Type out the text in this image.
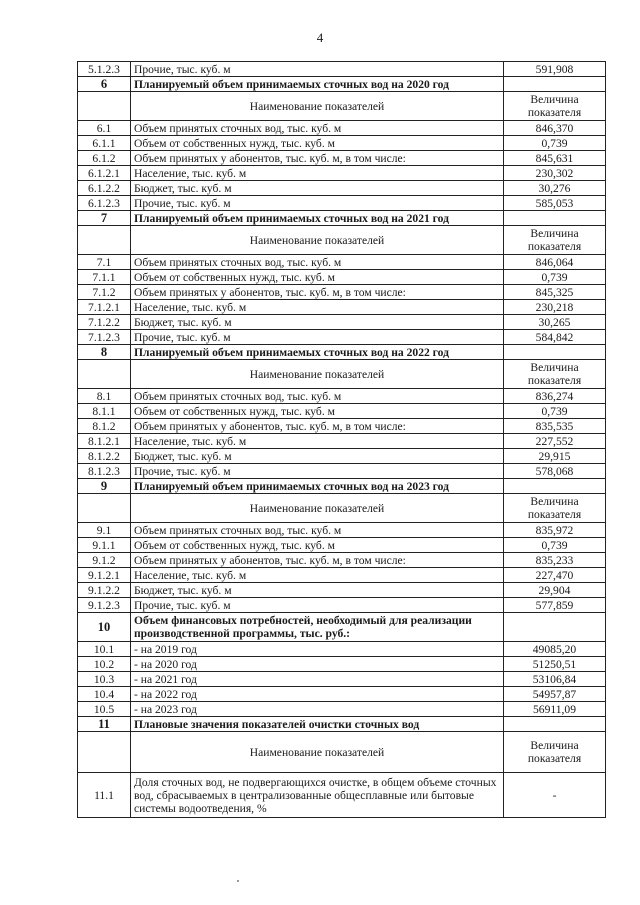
4
5.1.2.3	Прочие, тыс. куб. м	591,908
6	Планируемый объем принимаемых сточных вод на 2020 год	
	Наименование показателей	Величина показателя
6.1	Объем принятых сточных вод, тыс. куб. м	846,370
6.1.1	Объем от собственных нужд, тыс. куб. м	0,739
6.1.2	Объем принятых у абонентов, тыс. куб. м, в том числе:	845,631
6.1.2.1	Население, тыс. куб. м	230,302
6.1.2.2	Бюджет, тыс. куб. м	30,276
6.1.2.3	Прочие, тыс. куб. м	585,053
7	Планируемый объем принимаемых сточных вод на 2021 год	
	Наименование показателей	Величина показателя
7.1	Объем принятых сточных вод, тыс. куб. м	846,064
7.1.1	Объем от собственных нужд, тыс. куб. м	0,739
7.1.2	Объем принятых у абонентов, тыс. куб. м, в том числе:	845,325
7.1.2.1	Население, тыс. куб. м	230,218
7.1.2.2	Бюджет, тыс. куб. м	30,265
7.1.2.3	Прочие, тыс. куб. м	584,842
8	Планируемый объем принимаемых сточных вод на 2022 год	
	Наименование показателей	Величина показателя
8.1	Объем принятых сточных вод, тыс. куб. м	836,274
8.1.1	Объем от собственных нужд, тыс. куб. м	0,739
8.1.2	Объем принятых у абонентов, тыс. куб. м, в том числе:	835,535
8.1.2.1	Население, тыс. куб. м	227,552
8.1.2.2	Бюджет, тыс. куб. м	29,915
8.1.2.3	Прочие, тыс. куб. м	578,068
9	Планируемый объем принимаемых сточных вод на 2023 год	
	Наименование показателей	Величина показателя
9.1	Объем принятых сточных вод, тыс. куб. м	835,972
9.1.1	Объем от собственных нужд, тыс. куб. м	0,739
9.1.2	Объем принятых у абонентов, тыс. куб. м, в том числе:	835,233
9.1.2.1	Население, тыс. куб. м	227,470
9.1.2.2	Бюджет, тыс. куб. м	29,904
9.1.2.3	Прочие, тыс. куб. м	577,859
10	Объем финансовых потребностей, необходимый для реализации производственной программы, тыс. руб.:	
10.1	- на 2019 год	49085,20
10.2	- на 2020 год	51250,51
10.3	- на 2021 год	53106,84
10.4	- на 2022 год	54957,87
10.5	- на 2023 год	56911,09
11	Плановые значения показателей очистки сточных вод	
	Наименование показателей	Величина показателя
11.1	Доля сточных вод, не подвергающихся очистке, в общем объеме сточных вод, сбрасываемых в централизованные общесплавные или бытовые системы водоотведения, %	-
